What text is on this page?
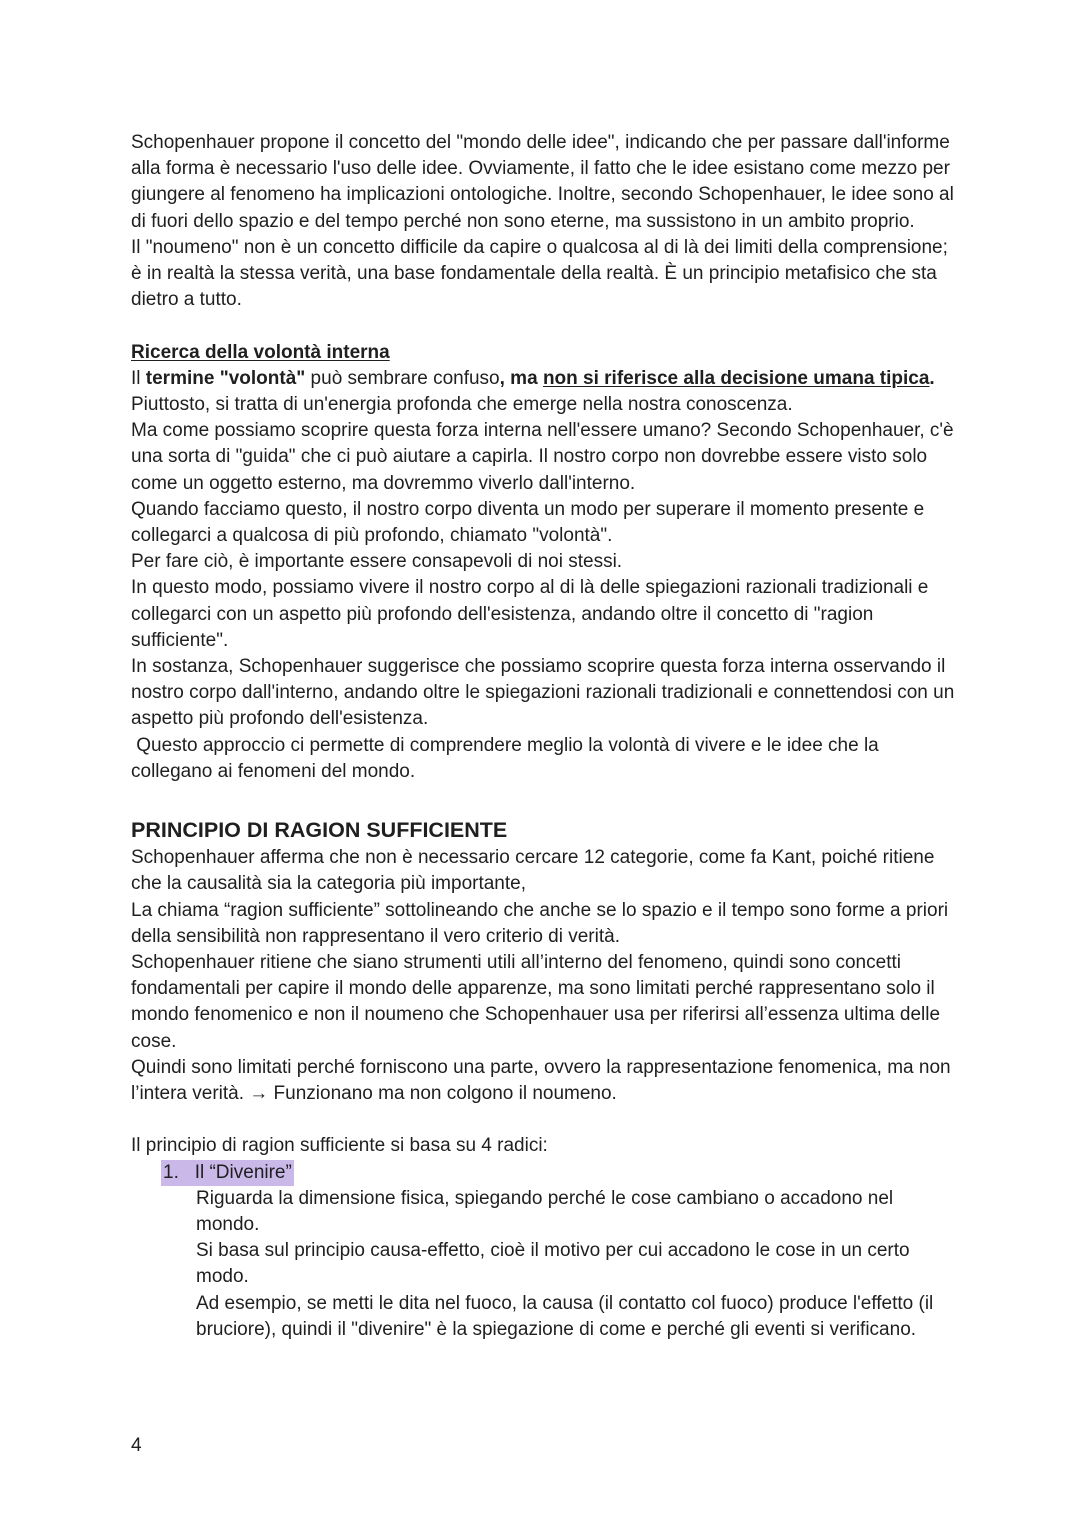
Schopenhauer propone il concetto del "mondo delle idee", indicando che per passare dall'informe alla forma è necessario l'uso delle idee. Ovviamente, il fatto che le idee esistano come mezzo per giungere al fenomeno ha implicazioni ontologiche. Inoltre, secondo Schopenhauer, le idee sono al di fuori dello spazio e del tempo perché non sono eterne, ma sussistono in un ambito proprio.

Il "noumeno" non è un concetto difficile da capire o qualcosa al di là dei limiti della comprensione; è in realtà la stessa verità, una base fondamentale della realtà. È un principio metafisico che sta dietro a tutto.

Ricerca della volontà interna

Il termine "volontà" può sembrare confuso, ma non si riferisce alla decisione umana tipica. Piuttosto, si tratta di un'energia profonda che emerge nella nostra conoscenza.

Ma come possiamo scoprire questa forza interna nell'essere umano? Secondo Schopenhauer, c'è una sorta di "guida" che ci può aiutare a capirla. Il nostro corpo non dovrebbe essere visto solo come un oggetto esterno, ma dovremmo viverlo dall'interno.

Quando facciamo questo, il nostro corpo diventa un modo per superare il momento presente e collegarci a qualcosa di più profondo, chiamato "volontà".

Per fare ciò, è importante essere consapevoli di noi stessi.

In questo modo, possiamo vivere il nostro corpo al di là delle spiegazioni razionali tradizionali e collegarci con un aspetto più profondo dell'esistenza, andando oltre il concetto di "ragion sufficiente".

In sostanza, Schopenhauer suggerisce che possiamo scoprire questa forza interna osservando il nostro corpo dall'interno, andando oltre le spiegazioni razionali tradizionali e connettendosi con un aspetto più profondo dell'esistenza.

Questo approccio ci permette di comprendere meglio la volontà di vivere e le idee che la collegano ai fenomeni del mondo.

PRINCIPIO DI RAGION SUFFICIENTE

Schopenhauer afferma che non è necessario cercare 12 categorie, come fa Kant, poiché ritiene che la causalità sia la categoria più importante,

La chiama “ragion sufficiente” sottolineando che anche se lo spazio e il tempo sono forme a priori della sensibilità non rappresentano il vero criterio di verità.

Schopenhauer ritiene che siano strumenti utili all’interno del fenomeno, quindi sono concetti fondamentali per capire il mondo delle apparenze, ma sono limitati perché rappresentano solo il mondo fenomenico e non il noumeno che Schopenhauer usa per riferirsi all’essenza ultima delle cose.

Quindi sono limitati perché forniscono una parte, ovvero la rappresentazione fenomenica, ma non l’intera verità. → Funzionano ma non colgono il noumeno.

Il principio di ragion sufficiente si basa su 4 radici:

1. Il “Divenire”

Riguarda la dimensione fisica, spiegando perché le cose cambiano o accadono nel mondo.

Si basa sul principio causa-effetto, cioè il motivo per cui accadono le cose in un certo modo.

Ad esempio, se metti le dita nel fuoco, la causa (il contatto col fuoco) produce l'effetto (il bruciore), quindi il "divenire" è la spiegazione di come e perché gli eventi si verificano.

4
